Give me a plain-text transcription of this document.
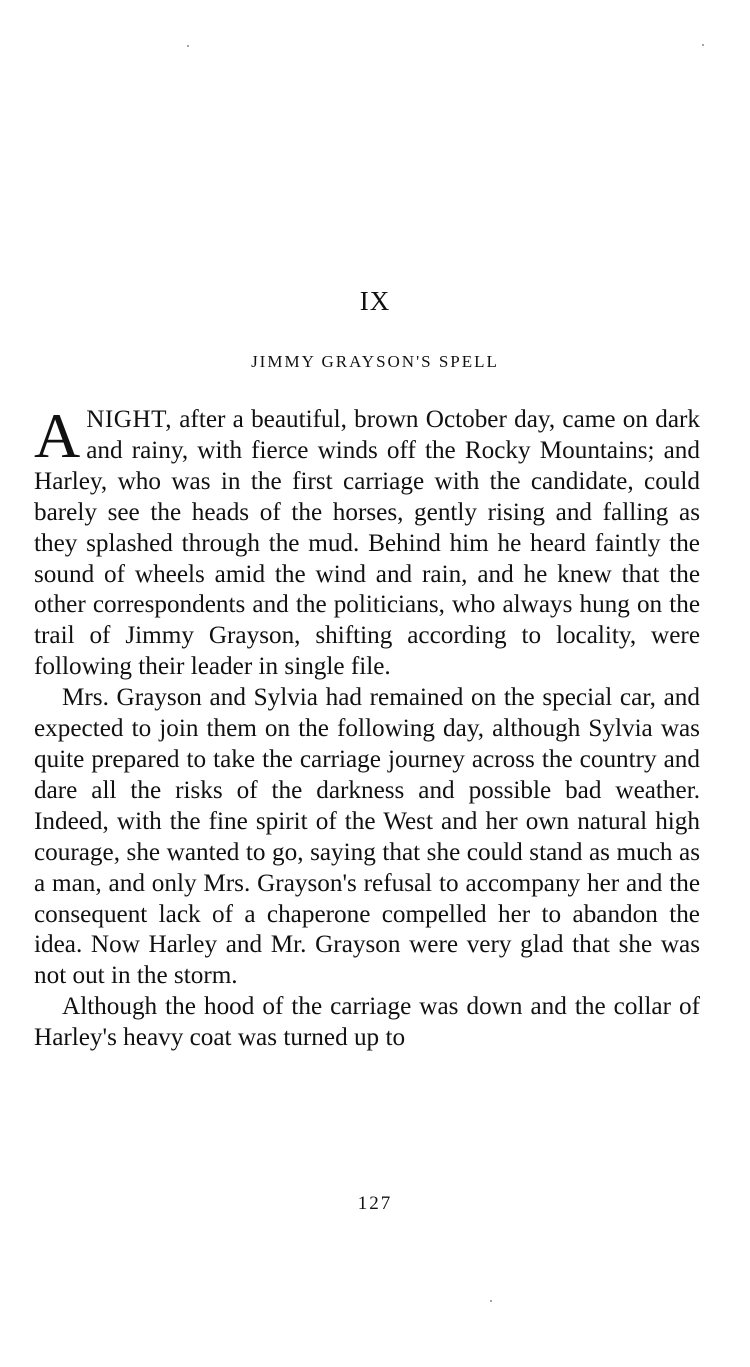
IX
JIMMY GRAYSON'S SPELL

A NIGHT, after a beautiful, brown October day, came on dark and rainy, with fierce winds off the Rocky Mountains; and Harley, who was in the first carriage with the candidate, could barely see the heads of the horses, gently rising and falling as they splashed through the mud. Behind him he heard faintly the sound of wheels amid the wind and rain, and he knew that the other correspondents and the politicians, who always hung on the trail of Jimmy Grayson, shifting according to locality, were following their leader in single file.

Mrs. Grayson and Sylvia had remained on the special car, and expected to join them on the following day, although Sylvia was quite prepared to take the carriage journey across the country and dare all the risks of the darkness and possible bad weather. Indeed, with the fine spirit of the West and her own natural high courage, she wanted to go, saying that she could stand as much as a man, and only Mrs. Grayson's refusal to accompany her and the consequent lack of a chaperone compelled her to abandon the idea. Now Harley and Mr. Grayson were very glad that she was not out in the storm.

Although the hood of the carriage was down and the collar of Harley's heavy coat was turned up to

127
